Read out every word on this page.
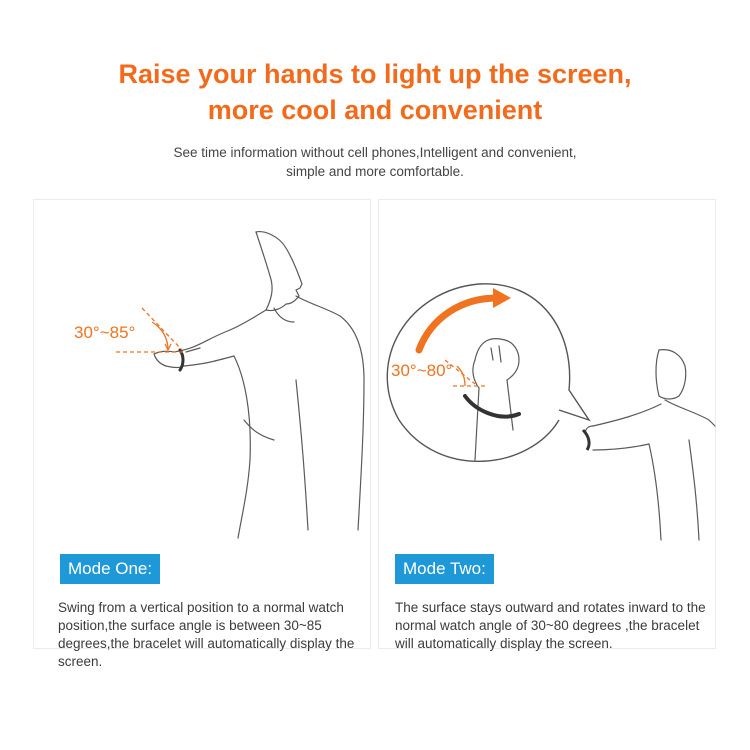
Raise your hands to light up the screen,
more cool and convenient

See time information without cell phones,Intelligent and convenient,
simple and more comfortable.

30°~85°
Mode One:

Swing from a vertical position to a normal watch position,the surface angle is between 30~85 degrees,the bracelet will automatically display the screen.

30°~80°
Mode Two:

The surface stays outward and rotates inward to the normal watch angle of 30~80 degrees ,the bracelet will automatically display the screen.
